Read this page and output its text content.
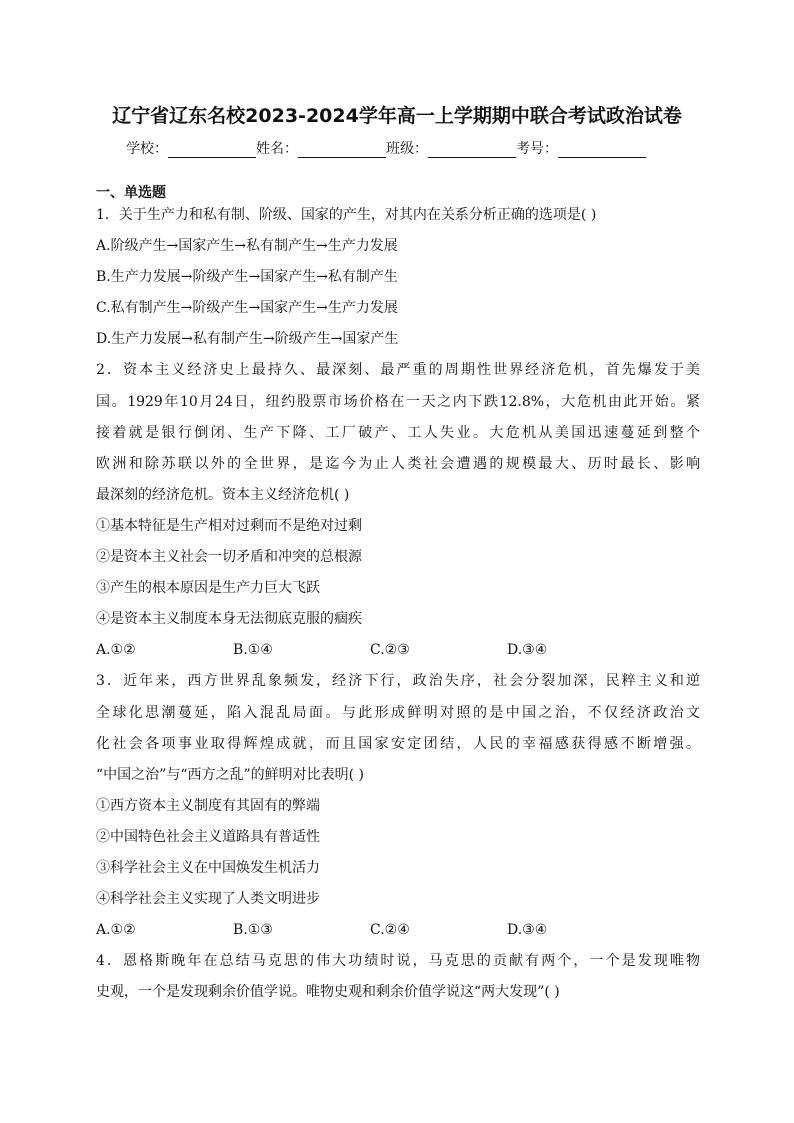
辽宁省辽东名校2023-2024学年高一上学期期中联合考试政治试卷
学校：	姓名：	班级：	考号：
一、单选题
1．关于生产力和私有制、阶级、国家的产生，对其内在关系分析正确的选项是( )
A.阶级产生→国家产生→私有制产生→生产力发展
B.生产力发展→阶级产生→国家产生→私有制产生
C.私有制产生→阶级产生→国家产生→生产力发展
D.生产力发展→私有制产生→阶级产生→国家产生
2．资本主义经济史上最持久、最深刻、最严重的周期性世界经济危机，首先爆发于美
国。1929年10月24日，纽约股票市场价格在一天之内下跌12.8%，大危机由此开始。紧
接着就是银行倒闭、生产下降、工厂破产、工人失业。大危机从美国迅速蔓延到整个
欧洲和除苏联以外的全世界，是迄今为止人类社会遭遇的规模最大、历时最长、影响
最深刻的经济危机。资本主义经济危机( )
①基本特征是生产相对过剩而不是绝对过剩
②是资本主义社会一切矛盾和冲突的总根源
③产生的根本原因是生产力巨大飞跃
④是资本主义制度本身无法彻底克服的痼疾
A.①②	B.①④	C.②③	D.③④
3．近年来，西方世界乱象频发，经济下行，政治失序，社会分裂加深，民粹主义和逆
全球化思潮蔓延，陷入混乱局面。与此形成鲜明对照的是中国之治，不仅经济政治文
化社会各项事业取得辉煌成就，而且国家安定团结，人民的幸福感获得感不断增强。
“中国之治”与“西方之乱”的鲜明对比表明( )
①西方资本主义制度有其固有的弊端
②中国特色社会主义道路具有普适性
③科学社会主义在中国焕发生机活力
④科学社会主义实现了人类文明进步
A.①②	B.①③	C.②④	D.③④
4．恩格斯晚年在总结马克思的伟大功绩时说，马克思的贡献有两个，一个是发现唯物
史观，一个是发现剩余价值学说。唯物史观和剩余价值学说这“两大发现”( )
